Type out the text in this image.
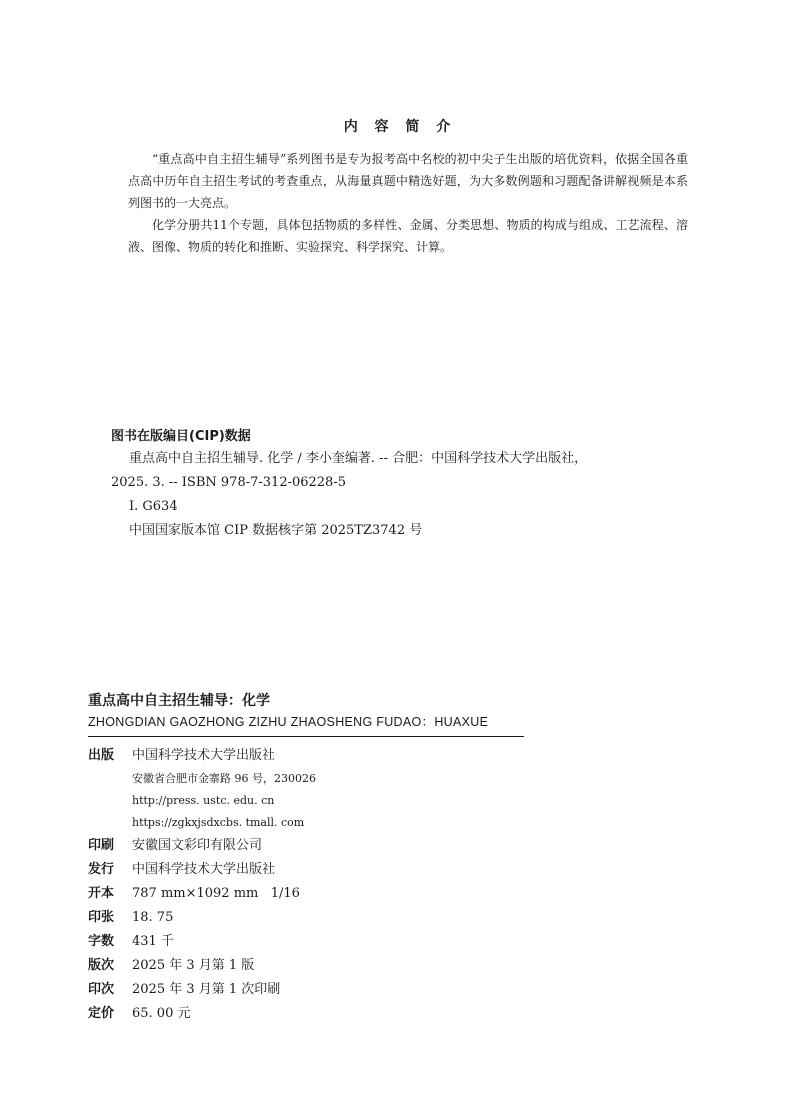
内 容 简 介

“重点高中自主招生辅导”系列图书是专为报考高中名校的初中尖子生出版的培优资料，依据全国各重点高中历年自主招生考试的考查重点，从海量真题中精选好题，为大多数例题和习题配备讲解视频是本系列图书的一大亮点。

化学分册共11个专题，具体包括物质的多样性、金属、分类思想、物质的构成与组成、工艺流程、溶液、图像、物质的转化和推断、实验探究、科学探究、计算。

图书在版编目(CIP)数据
重点高中自主招生辅导. 化学 / 李小奎编著. -- 合肥：中国科学技术大学出版社，
2025. 3. -- ISBN 978-7-312-06228-5
Ⅰ. G634
中国国家版本馆 CIP 数据核字第 2025TZ3742 号
重点高中自主招生辅导：化学
ZHONGDIAN GAOZHONG ZIZHU ZHAOSHENG FUDAO：HUAXUE
出版	中国科学技术大学出版社
安徽省合肥市金寨路 96 号，230026
http://press. ustc. edu. cn
https://zgkxjsdxcbs. tmall. com
印刷	安徽国文彩印有限公司
发行	中国科学技术大学出版社
开本	787 mm×1092 mm   1/16
印张	18. 75
字数	431 千
版次	2025 年 3 月第 1 版
印次	2025 年 3 月第 1 次印刷
定价	65. 00 元
